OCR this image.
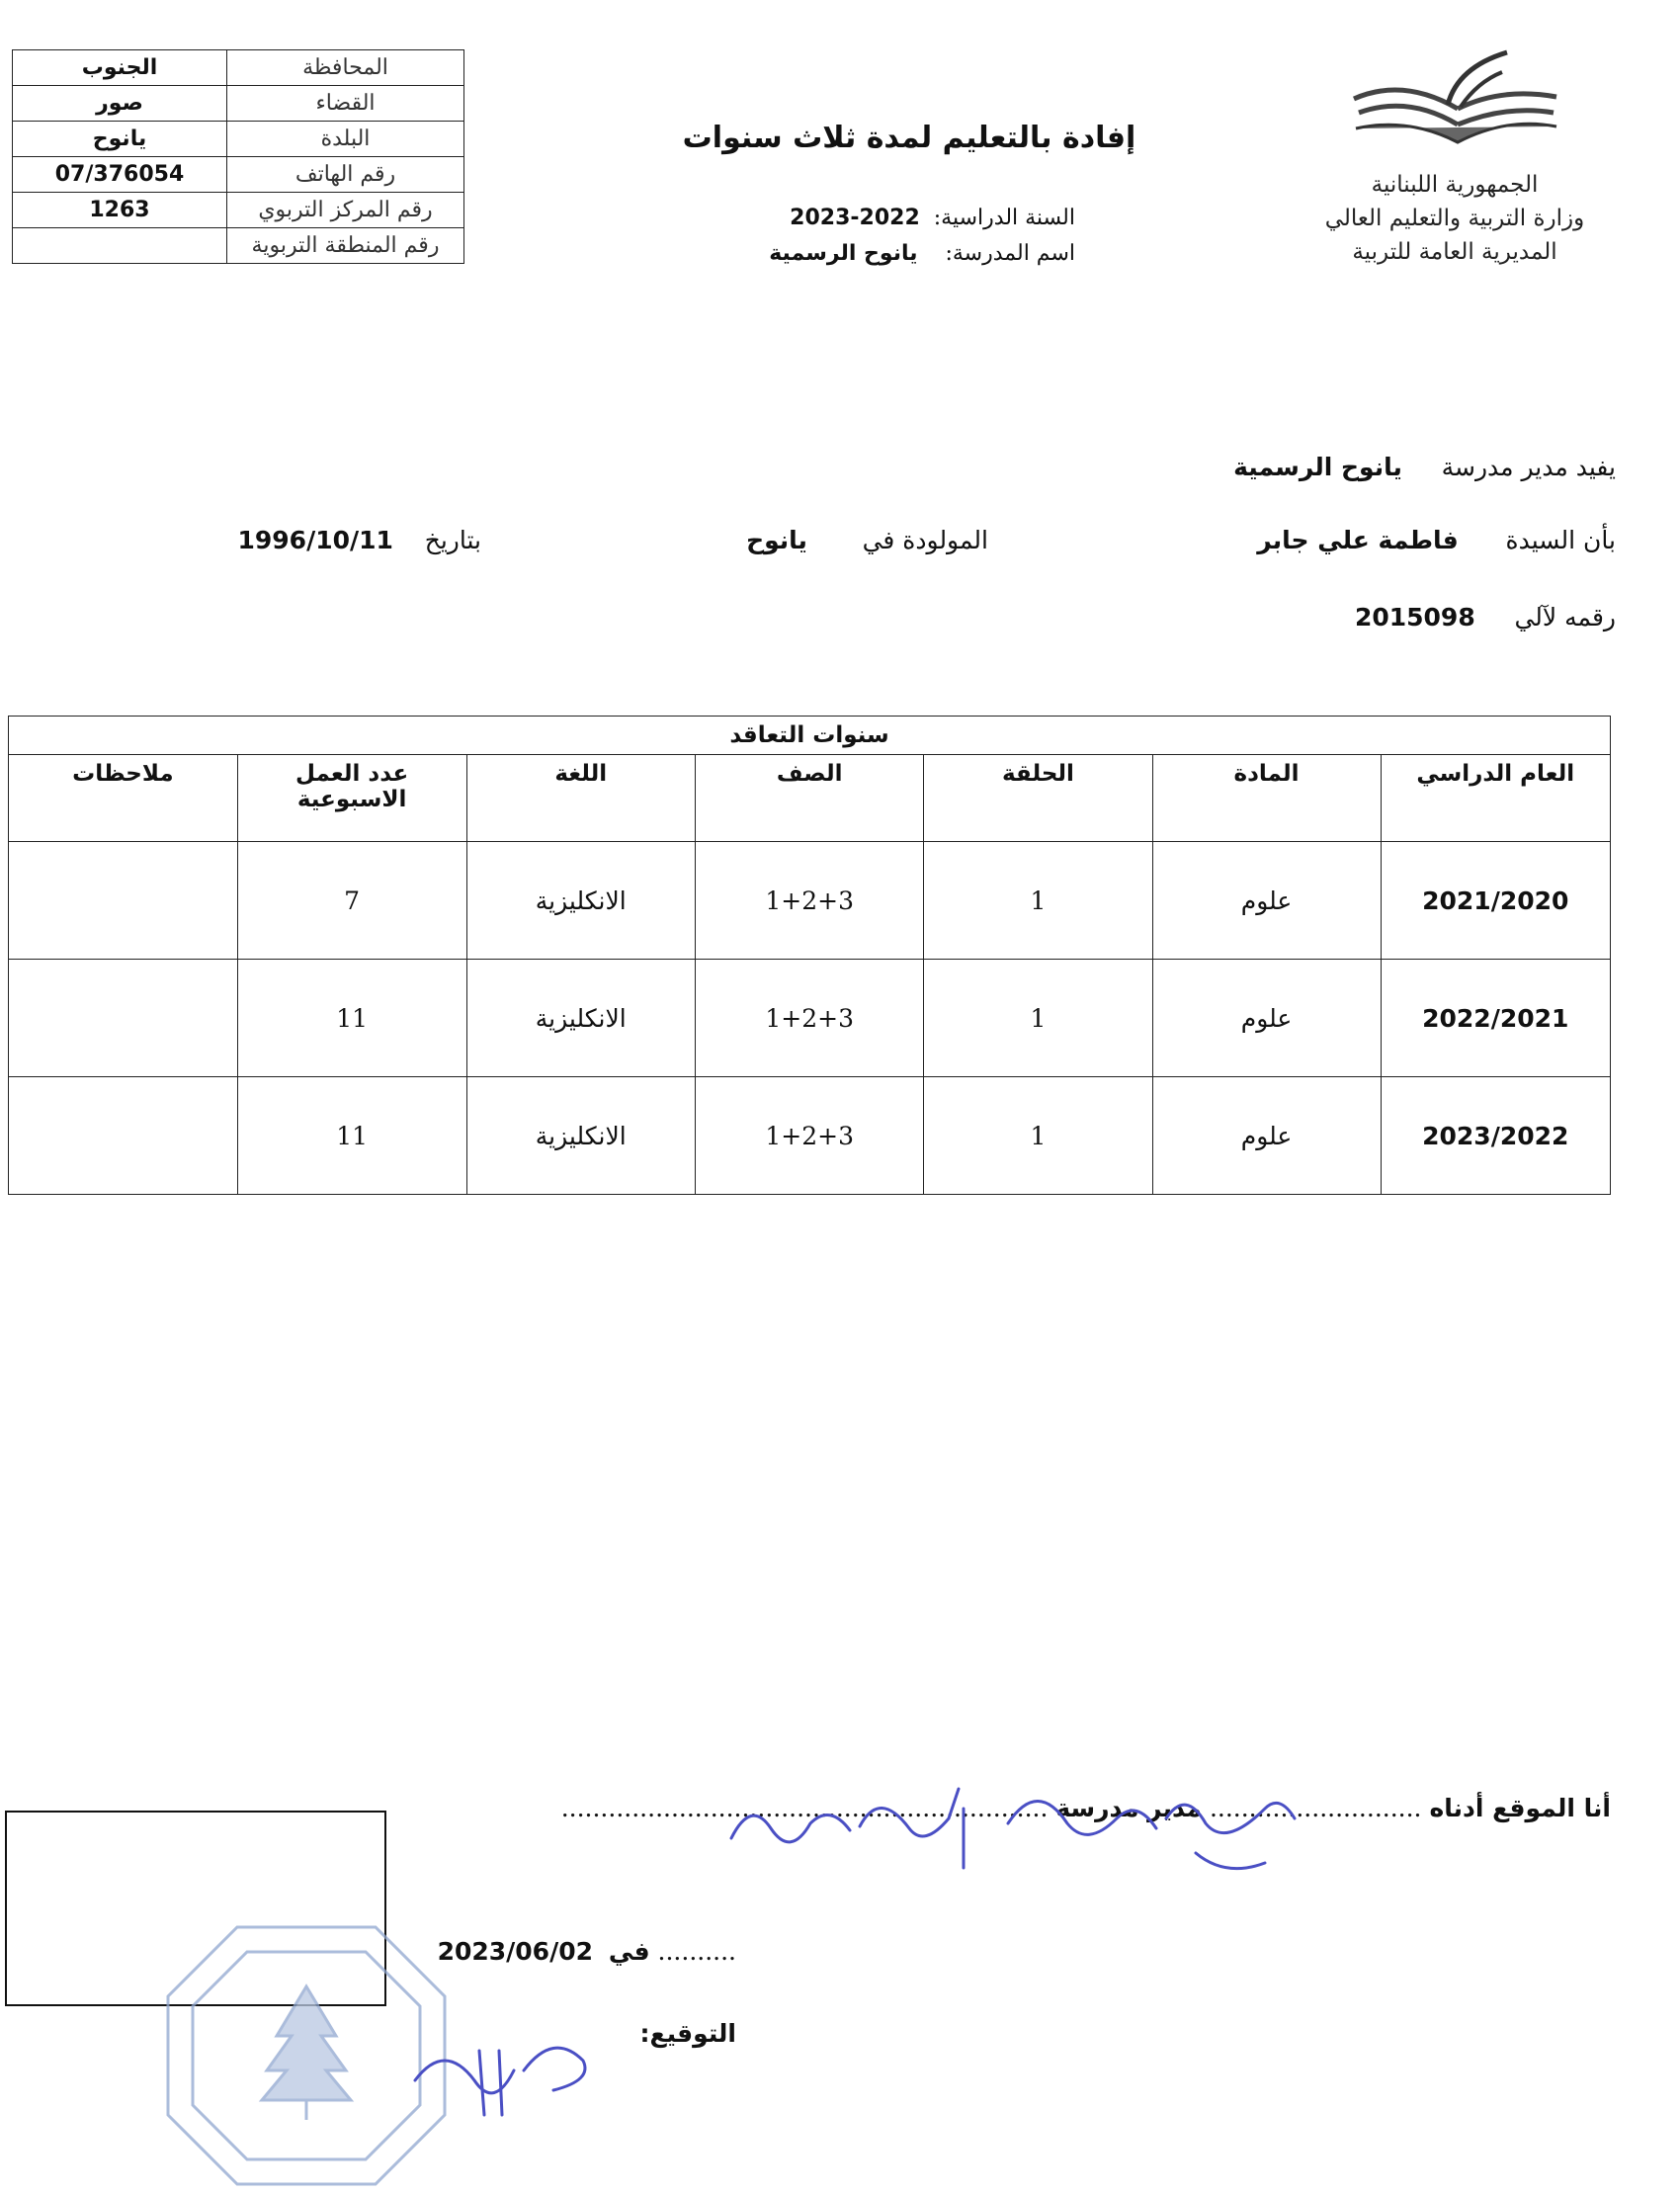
الجنوب	المحافظة
صور	القضاء
يانوح	البلدة
07/376054	رقم الهاتف
1263	رقم المركز التربوي
	رقم المنطقة التربوية
الجمهورية اللبنانية
وزارة التربية والتعليم العالي
المديرية العامة للتربية
إفادة بالتعليم لمدة ثلاث سنوات
السنة الدراسية:  2022-2023
اسم المدرسة:    يانوح الرسمية
يفيد مدير مدرسة     يانوح الرسمية
بأن السيدة      فاطمة علي جابر
المولودة في       يانوح
بتاريخ    1996/10/11
رقمه لآلي     2015098
سنوات التعاقد						
العام الدراسي	المادة	الحلقة	الصف	اللغة	عدد العمل الاسبوعية	ملاحظات
2021/2020	علوم	1	1+2+3	الانكليزية	7	
2022/2021	علوم	1	1+2+3	الانكليزية	11	
2023/2022	علوم	1	1+2+3	الانكليزية	11	
أنا الموقع أدناه ........................... مدير مدرسة ..............................................................
.......... في  2023/06/02
التوقيع:
